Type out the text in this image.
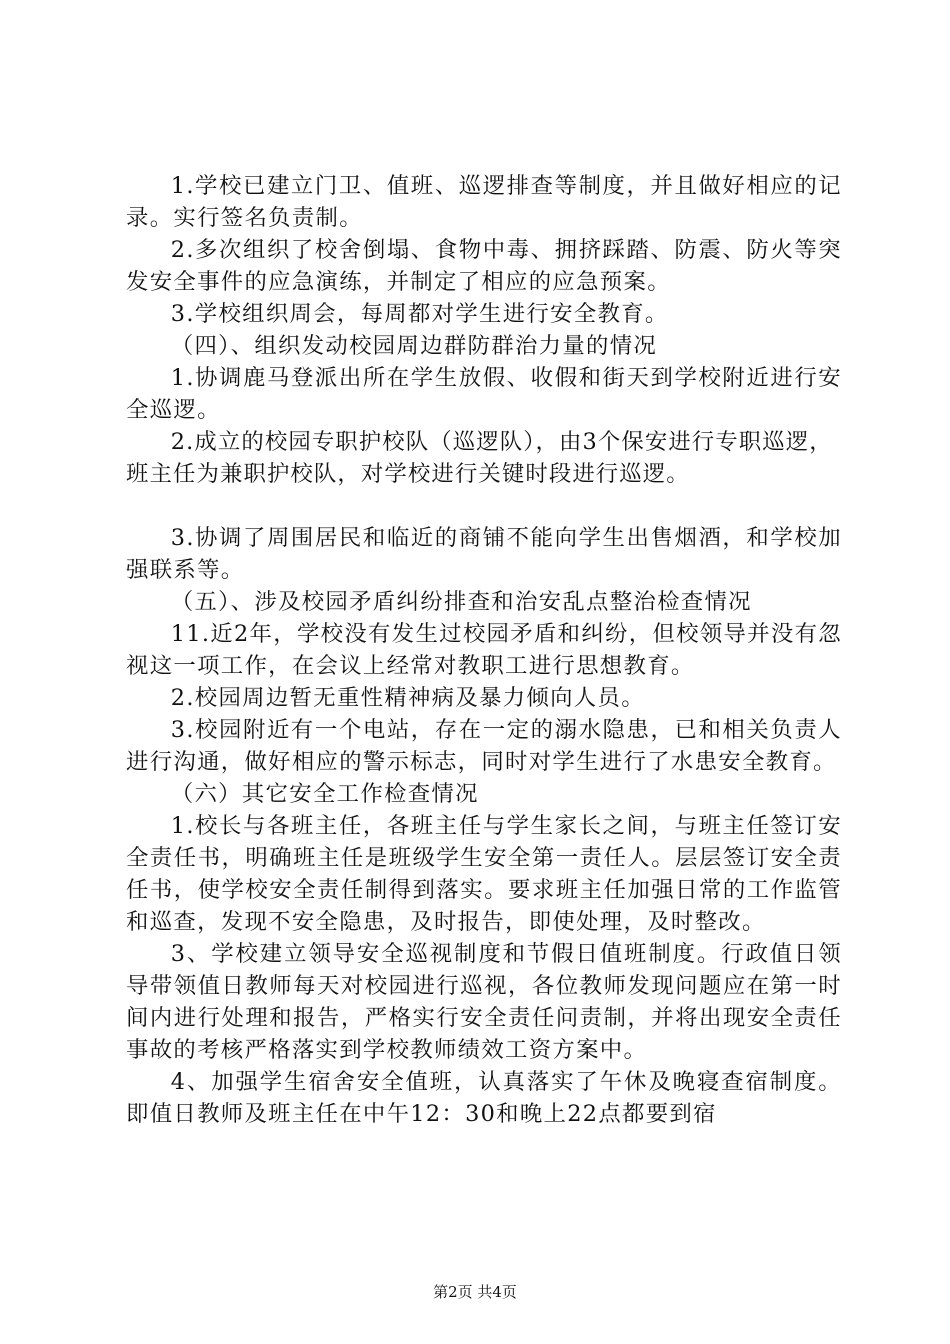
1.学校已建立门卫、值班、巡逻排查等制度，并且做好相应的记录。实行签名负责制。

2.多次组织了校舍倒塌、食物中毒、拥挤踩踏、防震、防火等突发安全事件的应急演练，并制定了相应的应急预案。

3.学校组织周会，每周都对学生进行安全教育。

（四）、组织发动校园周边群防群治力量的情况

1.协调鹿马登派出所在学生放假、收假和街天到学校附近进行安全巡逻。

2.成立的校园专职护校队（巡逻队），由3个保安进行专职巡逻，班主任为兼职护校队，对学校进行关键时段进行巡逻。

3.协调了周围居民和临近的商铺不能向学生出售烟酒，和学校加强联系等。

（五）、涉及校园矛盾纠纷排查和治安乱点整治检查情况

11.近2年，学校没有发生过校园矛盾和纠纷，但校领导并没有忽视这一项工作，在会议上经常对教职工进行思想教育。

2.校园周边暂无重性精神病及暴力倾向人员。

3.校园附近有一个电站，存在一定的溺水隐患，已和相关负责人进行沟通，做好相应的警示标志，同时对学生进行了水患安全教育。

（六）其它安全工作检查情况

1.校长与各班主任，各班主任与学生家长之间，与班主任签订安全责任书，明确班主任是班级学生安全第一责任人。层层签订安全责任书，使学校安全责任制得到落实。要求班主任加强日常的工作监管和巡查，发现不安全隐患，及时报告，即使处理，及时整改。

3、学校建立领导安全巡视制度和节假日值班制度。行政值日领导带领值日教师每天对校园进行巡视，各位教师发现问题应在第一时间内进行处理和报告，严格实行安全责任问责制，并将出现安全责任事故的考核严格落实到学校教师绩效工资方案中。

4、加强学生宿舍安全值班，认真落实了午休及晚寝查宿制度。即值日教师及班主任在中午12：30和晚上22点都要到宿

第2页 共4页
